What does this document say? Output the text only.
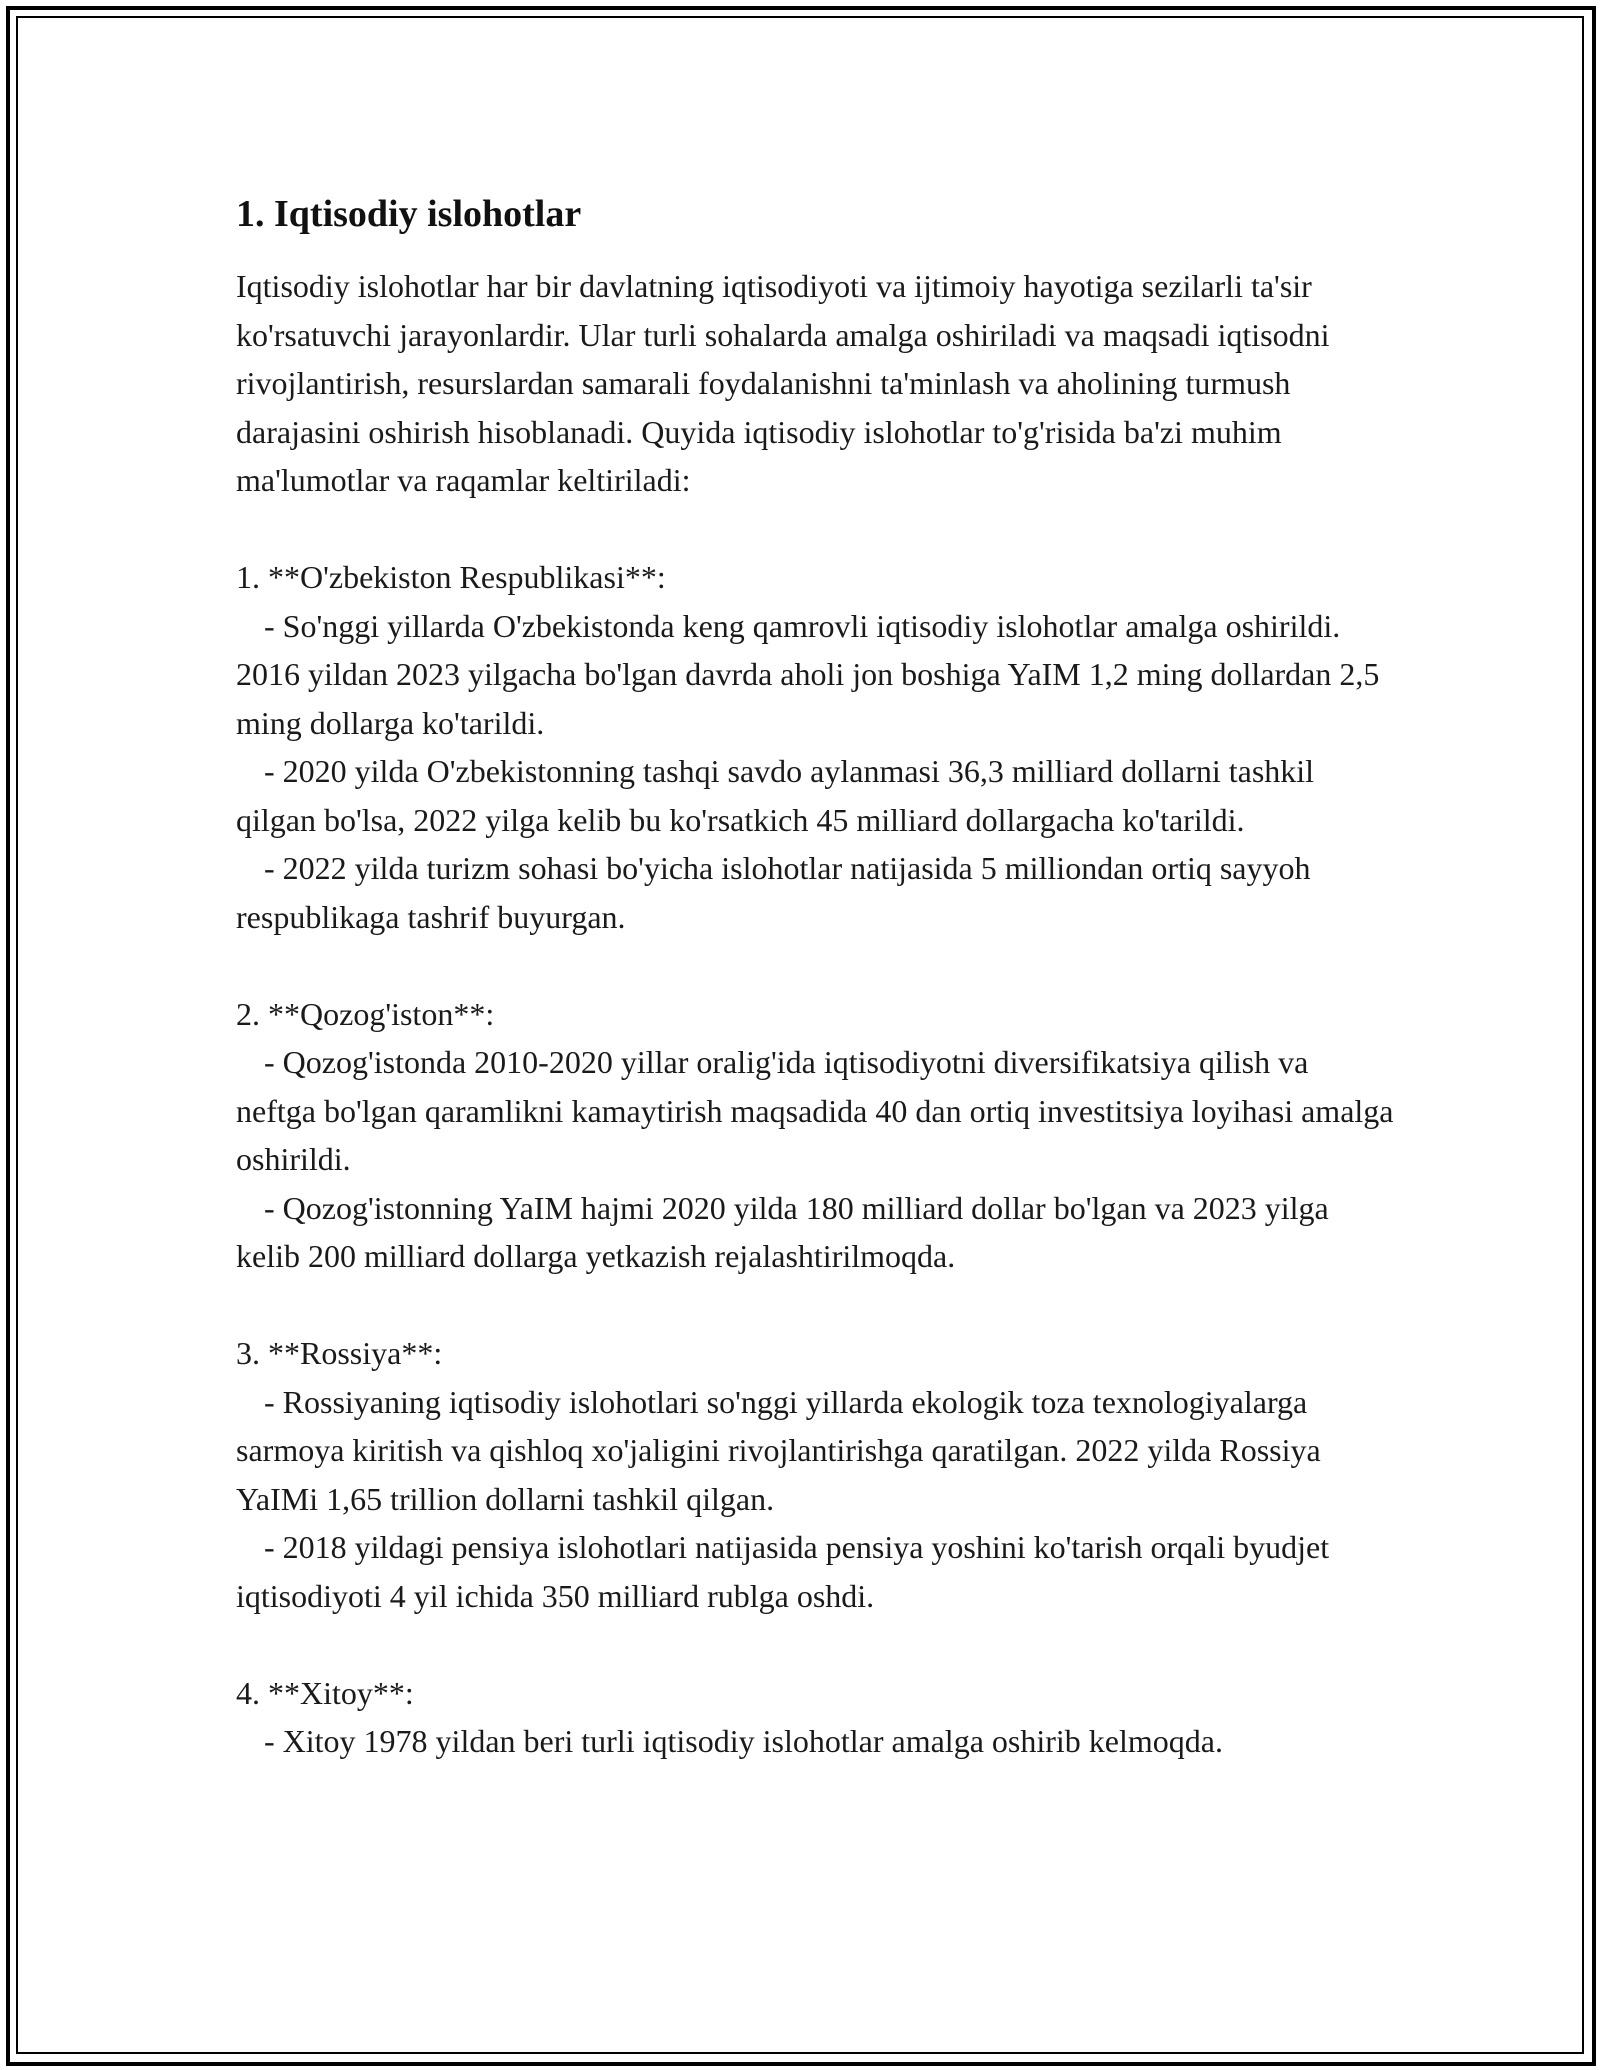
1. Iqtisodiy islohotlar

Iqtisodiy islohotlar har bir davlatning iqtisodiyoti va ijtimoiy hayotiga sezilarli ta'sir ko'rsatuvchi jarayonlardir. Ular turli sohalarda amalga oshiriladi va maqsadi iqtisodni rivojlantirish, resurslardan samarali foydalanishni ta'minlash va aholining turmush darajasini oshirish hisoblanadi. Quyida iqtisodiy islohotlar to'g'risida ba'zi muhim ma'lumotlar va raqamlar keltiriladi:

1. **O'zbekiston Respublikasi**:

- So'nggi yillarda O'zbekistonda keng qamrovli iqtisodiy islohotlar amalga oshirildi. 2016 yildan 2023 yilgacha bo'lgan davrda aholi jon boshiga YaIM 1,2 ming dollardan 2,5 ming dollarga ko'tarildi.

- 2020 yilda O'zbekistonning tashqi savdo aylanmasi 36,3 milliard dollarni tashkil qilgan bo'lsa, 2022 yilga kelib bu ko'rsatkich 45 milliard dollargacha ko'tarildi.

- 2022 yilda turizm sohasi bo'yicha islohotlar natijasida 5 milliondan ortiq sayyoh respublikaga tashrif buyurgan.

2. **Qozog'iston**:

- Qozog'istonda 2010-2020 yillar oralig'ida iqtisodiyotni diversifikatsiya qilish va neftga bo'lgan qaramlikni kamaytirish maqsadida 40 dan ortiq investitsiya loyihasi amalga oshirildi.

- Qozog'istonning YaIM hajmi 2020 yilda 180 milliard dollar bo'lgan va 2023 yilga kelib 200 milliard dollarga yetkazish rejalashtirilmoqda.

3. **Rossiya**:

- Rossiyaning iqtisodiy islohotlari so'nggi yillarda ekologik toza texnologiyalarga sarmoya kiritish va qishloq xo'jaligini rivojlantirishga qaratilgan. 2022 yilda Rossiya YaIMi 1,65 trillion dollarni tashkil qilgan.

- 2018 yildagi pensiya islohotlari natijasida pensiya yoshini ko'tarish orqali byudjet iqtisodiyoti 4 yil ichida 350 milliard rublga oshdi.

4. **Xitoy**:

- Xitoy 1978 yildan beri turli iqtisodiy islohotlar amalga oshirib kelmoqda.
